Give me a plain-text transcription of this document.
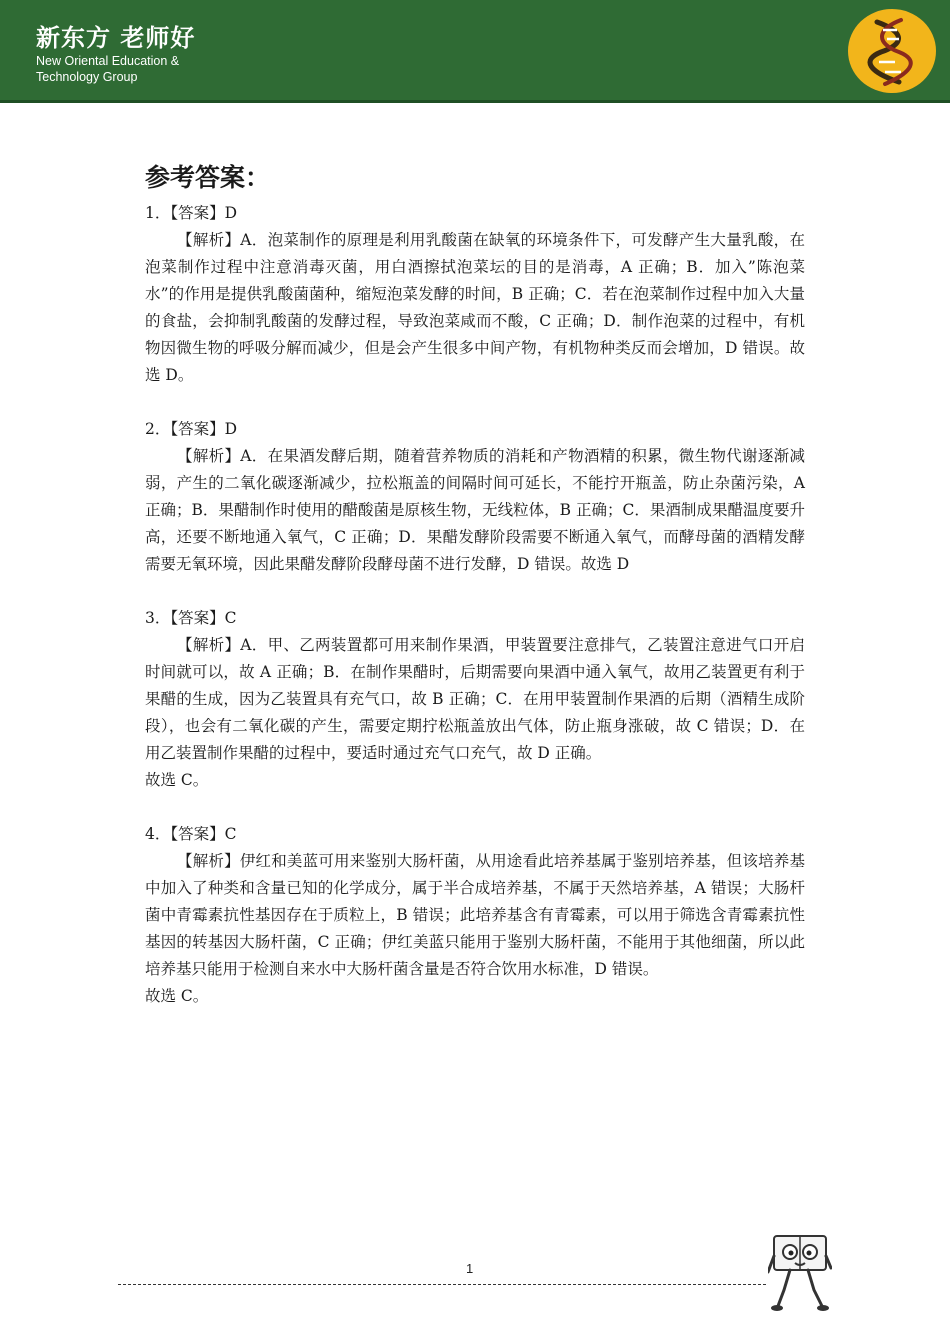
新东方 老师好
New Oriental Education & Technology Group
参考答案：
1．【答案】D

【解析】A．泡菜制作的原理是利用乳酸菌在缺氧的环境条件下，可发酵产生大量乳酸，在泡菜制作过程中注意消毒灭菌，用白酒擦拭泡菜坛的目的是消毒，A 正确；B．加入”陈泡菜水”的作用是提供乳酸菌菌种，缩短泡菜发酵的时间，B 正确；C．若在泡菜制作过程中加入大量的食盐，会抑制乳酸菌的发酵过程，导致泡菜咸而不酸，C 正确；D．制作泡菜的过程中，有机物因微生物的呼吸分解而减少，但是会产生很多中间产物，有机物种类反而会增加，D 错误。故选 D。

2．【答案】D

【解析】A．在果酒发酵后期，随着营养物质的消耗和产物酒精的积累，微生物代谢逐渐减弱，产生的二氧化碳逐渐减少，拉松瓶盖的间隔时间可延长，不能拧开瓶盖，防止杂菌污染，A 正确；B．果醋制作时使用的醋酸菌是原核生物，无线粒体，B 正确；C．果酒制成果醋温度要升高，还要不断地通入氧气，C 正确；D．果醋发酵阶段需要不断通入氧气，而酵母菌的酒精发酵需要无氧环境，因此果醋发酵阶段酵母菌不进行发酵，D 错误。故选 D

3．【答案】C

【解析】A．甲、乙两装置都可用来制作果酒，甲装置要注意排气，乙装置注意进气口开启时间就可以，故 A 正确；B．在制作果醋时，后期需要向果酒中通入氧气，故用乙装置更有利于果醋的生成，因为乙装置具有充气口，故 B 正确；C．在用甲装置制作果酒的后期（酒精生成阶段），也会有二氧化碳的产生，需要定期拧松瓶盖放出气体，防止瓶身涨破，故 C 错误；D．在用乙装置制作果醋的过程中，要适时通过充气口充气，故 D 正确。

故选 C。
4．【答案】C

【解析】伊红和美蓝可用来鉴别大肠杆菌，从用途看此培养基属于鉴别培养基，但该培养基中加入了种类和含量已知的化学成分，属于半合成培养基，不属于天然培养基，A 错误；大肠杆菌中青霉素抗性基因存在于质粒上，B 错误；此培养基含有青霉素，可以用于筛选含青霉素抗性基因的转基因大肠杆菌，C 正确；伊红美蓝只能用于鉴别大肠杆菌，不能用于其他细菌，所以此培养基只能用于检测自来水中大肠杆菌含量是否符合饮用水标准，D 错误。

故选 C。
1
